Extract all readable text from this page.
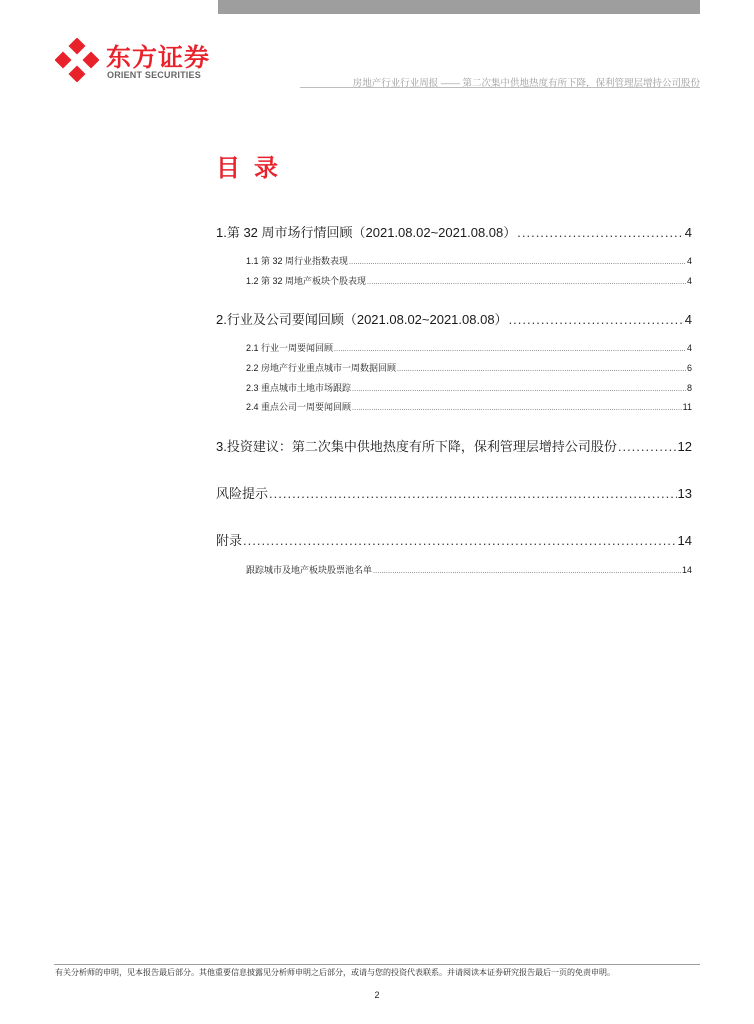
东方证券
ORIENT SECURITIES
房地产行业行业周报 —— 第二次集中供地热度有所下降，保利管理层增持公司股份
目录
1.第 32 周市场行情回顾（2021.08.02~2021.08.08） .....	4
1.1 第 32 周行业指数表现 .....	4
1.2 第 32 周地产板块个股表现 .....	4
2.行业及公司要闻回顾（2021.08.02~2021.08.08） .....	4
2.1 行业一周要闻回顾 .....	4
2.2 房地产行业重点城市一周数据回顾 .....	6
2.3 重点城市土地市场跟踪 .....	8
2.4 重点公司一周要闻回顾 .....	11
3.投资建议：第二次集中供地热度有所下降，保利管理层增持公司股份 .....	12
风险提示 .....	13
附录 .....	14
跟踪城市及地产板块股票池名单 .....	14
有关分析师的申明，见本报告最后部分。其他重要信息披露见分析师申明之后部分，或请与您的投资代表联系。并请阅读本证券研究报告最后一页的免责申明。
2
